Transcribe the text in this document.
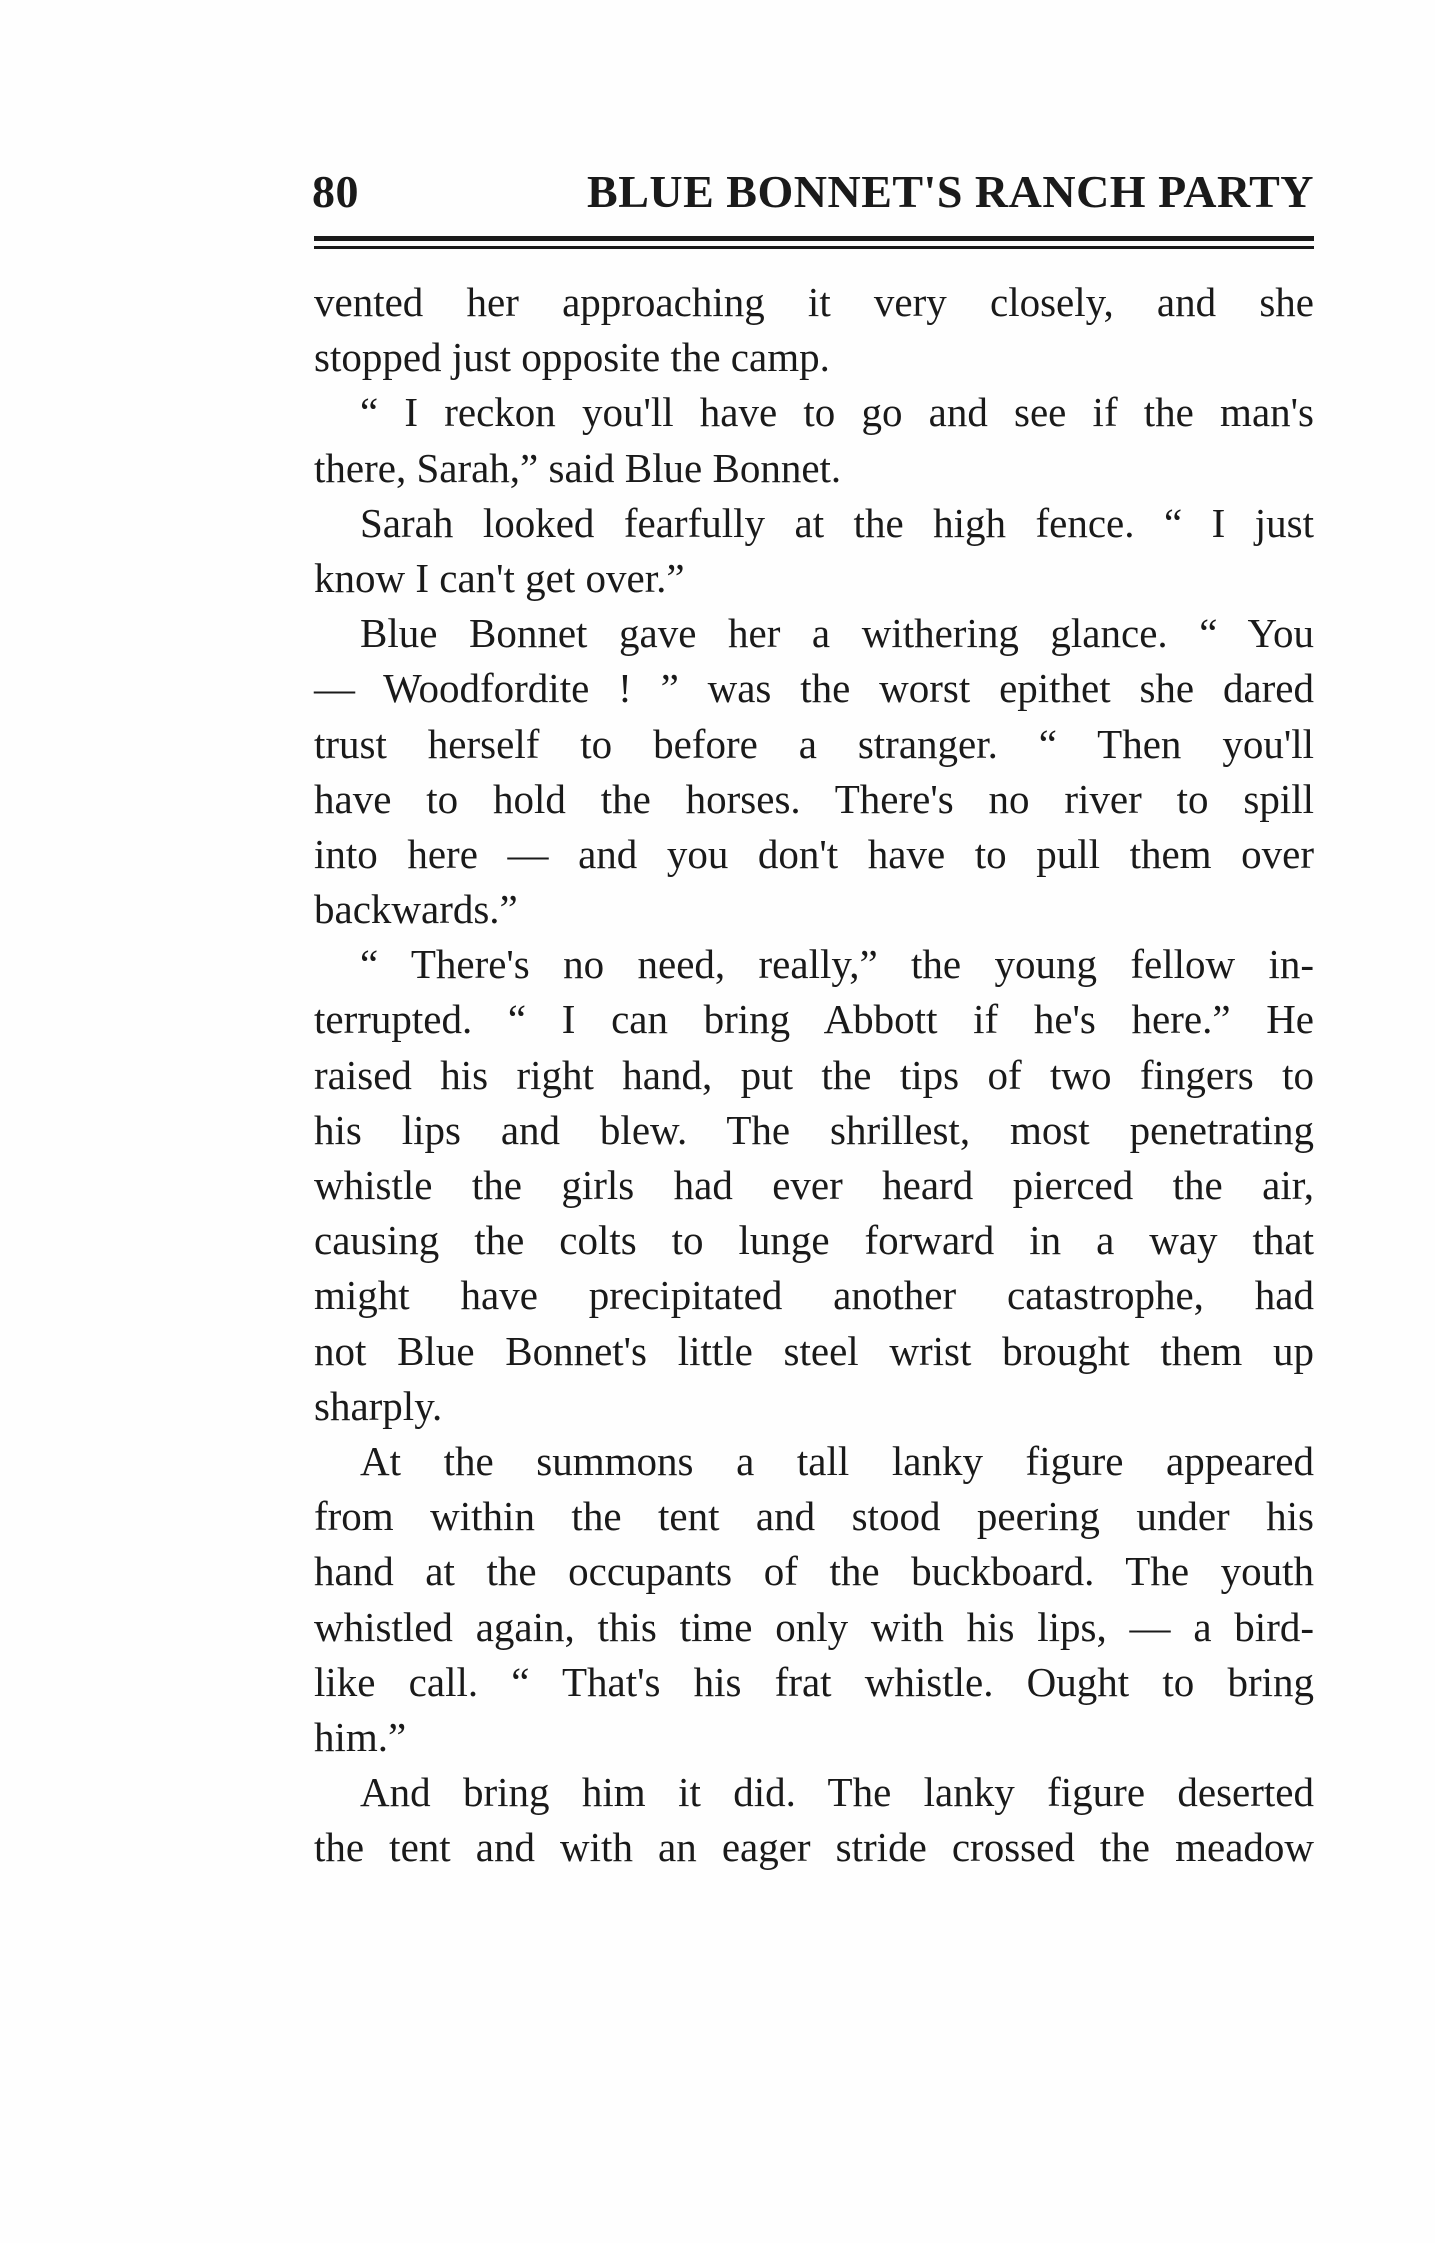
80	BLUE BONNET'S RANCH PARTY
vented her approaching it very closely, and she
stopped just opposite the camp.
“ I reckon you'll have to go and see if the man's
there, Sarah,” said Blue Bonnet.
Sarah looked fearfully at the high fence. “ I just
know I can't get over.”
Blue Bonnet gave her a withering glance. “ You
— Woodfordite ! ” was the worst epithet she dared
trust herself to before a stranger. “ Then you'll
have to hold the horses. There's no river to spill
into here — and you don't have to pull them over
backwards.”
“ There's no need, really,” the young fellow in-
terrupted. “ I can bring Abbott if he's here.” He
raised his right hand, put the tips of two fingers to
his lips and blew. The shrillest, most penetrating
whistle the girls had ever heard pierced the air,
causing the colts to lunge forward in a way that
might have precipitated another catastrophe, had
not Blue Bonnet's little steel wrist brought them up
sharply.
At the summons a tall lanky figure appeared
from within the tent and stood peering under his
hand at the occupants of the buckboard. The youth
whistled again, this time only with his lips, — a bird-
like call. “ That's his frat whistle. Ought to bring
him.”
And bring him it did. The lanky figure deserted
the tent and with an eager stride crossed the meadow
